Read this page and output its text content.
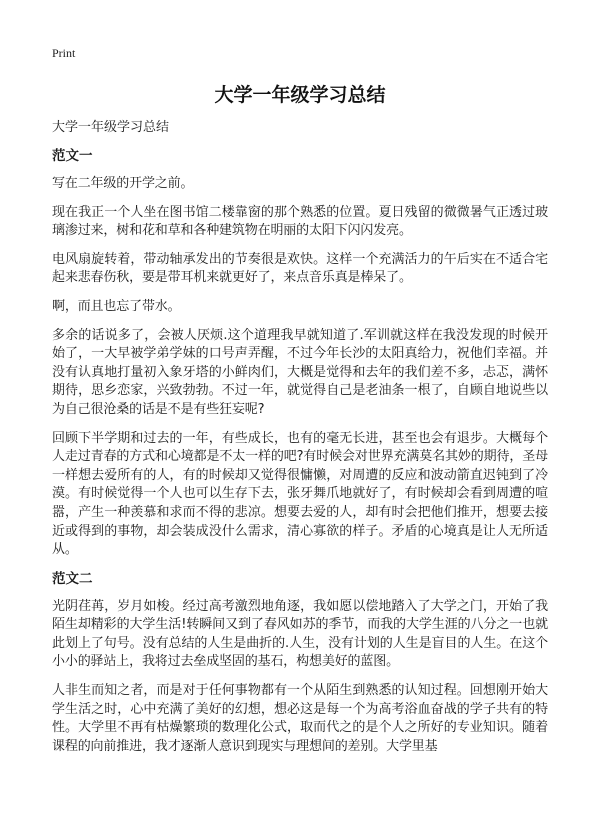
Print
大学一年级学习总结

大学一年级学习总结

范文一

写在二年级的开学之前。

现在我正一个人坐在图书馆二楼靠窗的那个熟悉的位置。夏日残留的微微暑气正透过玻璃渗过来，树和花和草和各种建筑物在明丽的太阳下闪闪发亮。

电风扇旋转着，带动轴承发出的节奏很是欢快。这样一个充满活力的午后实在不适合宅起来悲春伤秋，要是带耳机来就更好了，来点音乐真是棒呆了。

啊，而且也忘了带水。

多余的话说多了，会被人厌烦.这个道理我早就知道了.军训就这样在我没发现的时候开始了，一大早被学弟学妹的口号声弄醒，不过今年长沙的太阳真给力，祝他们幸福。并没有认真地打量初入象牙塔的小鲜肉们，大概是觉得和去年的我们差不多，忐忑，满怀期待，思乡恋家，兴致勃勃。不过一年，就觉得自己是老油条一根了，自顾自地说些以为自己很沧桑的话是不是有些狂妄呢?

回顾下半学期和过去的一年，有些成长，也有的毫无长进，甚至也会有退步。大概每个人走过青春的方式和心境都是不太一样的吧?有时候会对世界充满莫名其妙的期待，圣母一样想去爱所有的人，有的时候却又觉得很慵懒，对周遭的反应和波动箭直迟钝到了冷漠。有时候觉得一个人也可以生存下去，张牙舞爪地就好了，有时候却会看到周遭的喧嚣，产生一种羡慕和求而不得的悲凉。想要去爱的人，却有时会把他们推开，想要去接近或得到的事物，却会装成没什么需求，清心寡欲的样子。矛盾的心境真是让人无所适从。

范文二

光阴荏苒，岁月如梭。经过高考激烈地角逐，我如愿以偿地踏入了大学之门，开始了我陌生却精彩的大学生活!转瞬间又到了春风如苏的季节，而我的大学生涯的八分之一也就此划上了句号。没有总结的人生是曲折的.人生，没有计划的人生是盲目的人生。在这个小小的驿站上，我将过去垒成坚固的基石，构想美好的蓝图。

人非生而知之者，而是对于任何事物都有一个从陌生到熟悉的认知过程。回想刚开始大学生活之时，心中充满了美好的幻想，想必这是每一个为高考浴血奋战的学子共有的特性。大学里不再有枯燥繁琐的数理化公式，取而代之的是个人之所好的专业知识。随着课程的向前推进，我才逐渐人意识到现实与理想间的差别。大学里基
